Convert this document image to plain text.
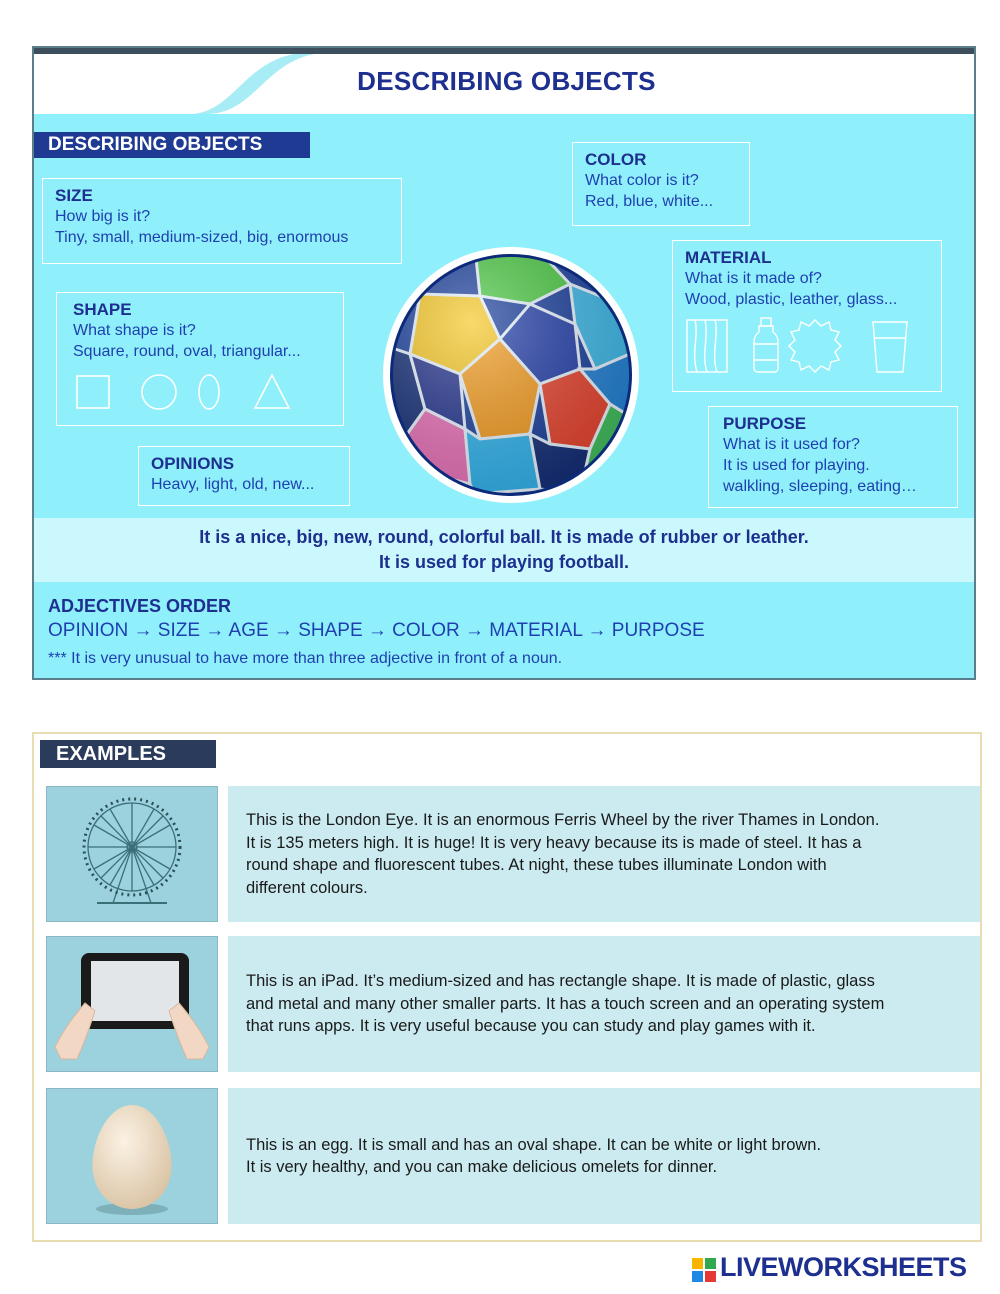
DESCRIBING OBJECTS
DESCRIBING OBJECTS
SIZE
How big is it?
Tiny, small, medium-sized, big, enormous
SHAPE
What shape is it?
Square, round, oval, triangular...
OPINIONS
Heavy, light, old, new...
COLOR
What color is it?
Red, blue, white...
MATERIAL
What is it made of?
Wood, plastic, leather, glass...
PURPOSE
What is it used for?
It is used for playing.
walkling, sleeping, eating…
It is a nice, big, new, round, colorful ball. It is made of rubber or leather.
It is used for playing football.
ADJECTIVES ORDER
OPINION → SIZE → AGE → SHAPE → COLOR → MATERIAL → PURPOSE
*** It is very unusual to have more than three adjective in front of a noun.
EXAMPLES
This is the London Eye. It is an enormous Ferris Wheel by the river Thames in London.
It is 135 meters high. It is huge! It is very heavy because its is made of steel. It has a
round shape and fluorescent tubes. At night, these tubes illuminate London with
different colours.
This is an iPad. It’s medium-sized and has rectangle shape. It is made of plastic, glass
and metal and many other smaller parts. It has a touch screen and an operating system
that runs apps. It is very useful because you can study and play games with it.
This is an egg. It is small and has an oval shape. It can be white or light brown.
It is very healthy, and you can make delicious omelets for dinner.
LIVEWORKSHEETS
